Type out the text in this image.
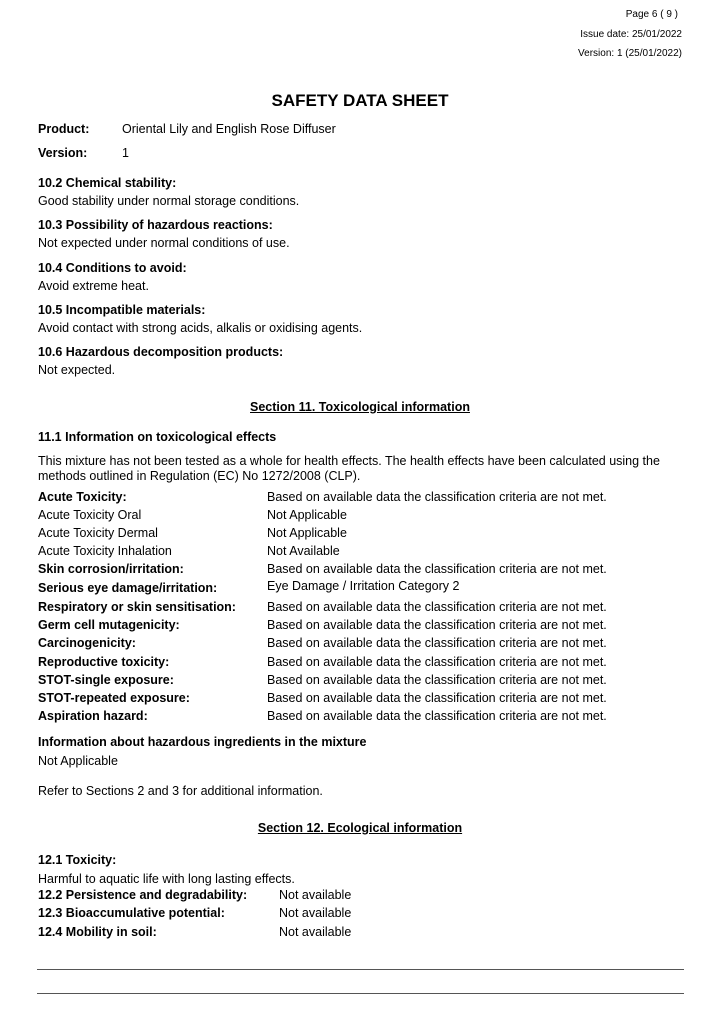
Page 6 ( 9 )
Issue date: 25/01/2022
Version: 1 (25/01/2022)
SAFETY DATA SHEET
Product:	Oriental Lily and English Rose Diffuser
Version:	1
10.2 Chemical stability:
Good stability under normal storage conditions.
10.3 Possibility of hazardous reactions:
Not expected under normal conditions of use.
10.4 Conditions to avoid:
Avoid extreme heat.
10.5 Incompatible materials:
Avoid contact with strong acids, alkalis or oxidising agents.
10.6 Hazardous decomposition products:
Not expected.
Section 11. Toxicological information
11.1 Information on toxicological effects
This mixture has not been tested as a whole for health effects. The health effects have been calculated using the methods outlined in Regulation (EC) No 1272/2008 (CLP).
Acute Toxicity:	Based on available data the classification criteria are not met.
Acute Toxicity Oral	Not Applicable
Acute Toxicity Dermal	Not Applicable
Acute Toxicity Inhalation	Not Available
Skin corrosion/irritation:	Based on available data the classification criteria are not met.
Serious eye damage/irritation:	Eye Damage / Irritation Category 2
Respiratory or skin sensitisation: Based on available data the classification criteria are not met.
Germ cell mutagenicity:	Based on available data the classification criteria are not met.
Carcinogenicity:	Based on available data the classification criteria are not met.
Reproductive toxicity:	Based on available data the classification criteria are not met.
STOT-single exposure:	Based on available data the classification criteria are not met.
STOT-repeated exposure:	Based on available data the classification criteria are not met.
Aspiration hazard:	Based on available data the classification criteria are not met.
Information about hazardous ingredients in the mixture
Not Applicable
Refer to Sections 2 and 3 for additional information.
Section 12. Ecological information
12.1 Toxicity:
Harmful to aquatic life with long lasting effects.
12.2 Persistence and degradability:	Not available
12.3 Bioaccumulative potential:	Not available
12.4 Mobility in soil:	Not available
